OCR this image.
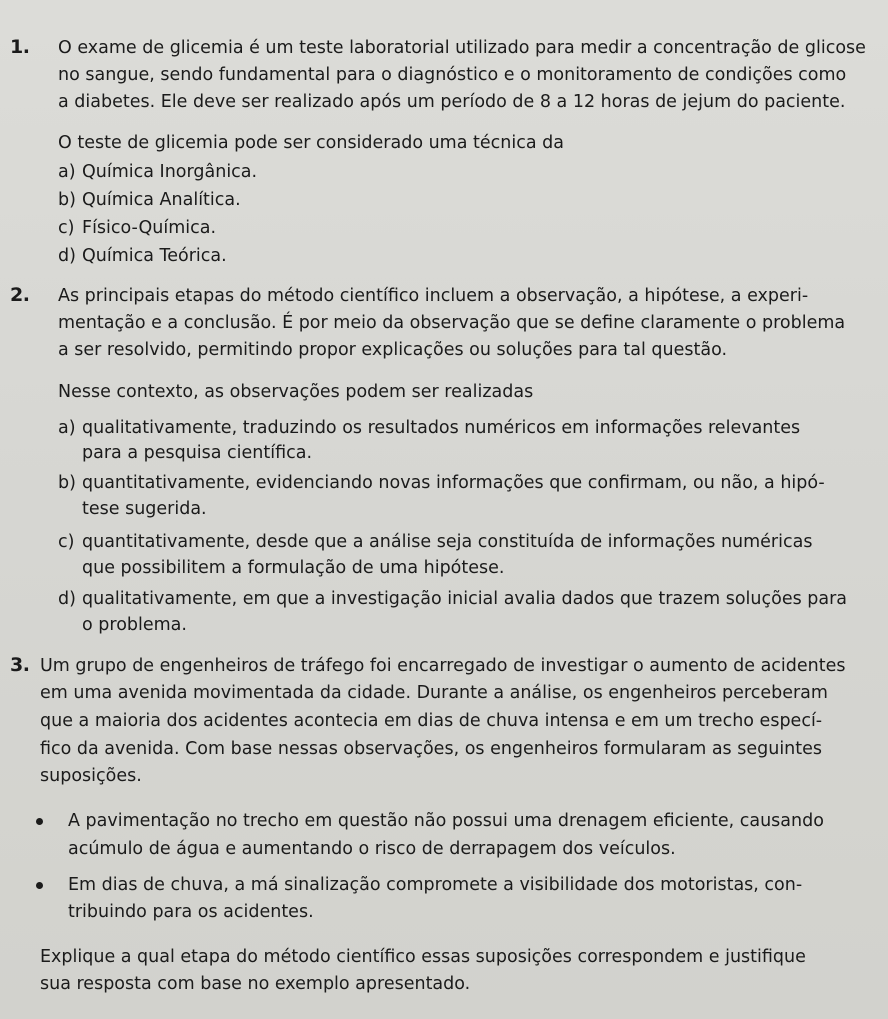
1. O exame de glicemia é um teste laboratorial utilizado para medir a concentração de glicose
no sangue, sendo fundamental para o diagnóstico e o monitoramento de condições como
a diabetes. Ele deve ser realizado após um período de 8 a 12 horas de jejum do paciente.
O teste de glicemia pode ser considerado uma técnica da
a) Química Inorgânica.
b) Química Analítica.
c) Físico-Química.
d) Química Teórica.
2. As principais etapas do método científico incluem a observação, a hipótese, a experi-
mentação e a conclusão. É por meio da observação que se define claramente o problema
a ser resolvido, permitindo propor explicações ou soluções para tal questão.
Nesse contexto, as observações podem ser realizadas
a) qualitativamente, traduzindo os resultados numéricos em informações relevantes
para a pesquisa científica.
b) quantitativamente, evidenciando novas informações que confirmam, ou não, a hipó-
tese sugerida.
c) quantitativamente, desde que a análise seja constituída de informações numéricas
que possibilitem a formulação de uma hipótese.
d) qualitativamente, em que a investigação inicial avalia dados que trazem soluções para
o problema.
3. Um grupo de engenheiros de tráfego foi encarregado de investigar o aumento de acidentes
em uma avenida movimentada da cidade. Durante a análise, os engenheiros perceberam
que a maioria dos acidentes acontecia em dias de chuva intensa e em um trecho especí-
fico da avenida. Com base nessas observações, os engenheiros formularam as seguintes
suposições.
A pavimentação no trecho em questão não possui uma drenagem eficiente, causando
acúmulo de água e aumentando o risco de derrapagem dos veículos.
Em dias de chuva, a má sinalização compromete a visibilidade dos motoristas, con-
tribuindo para os acidentes.
Explique a qual etapa do método científico essas suposições correspondem e justifique
sua resposta com base no exemplo apresentado.
